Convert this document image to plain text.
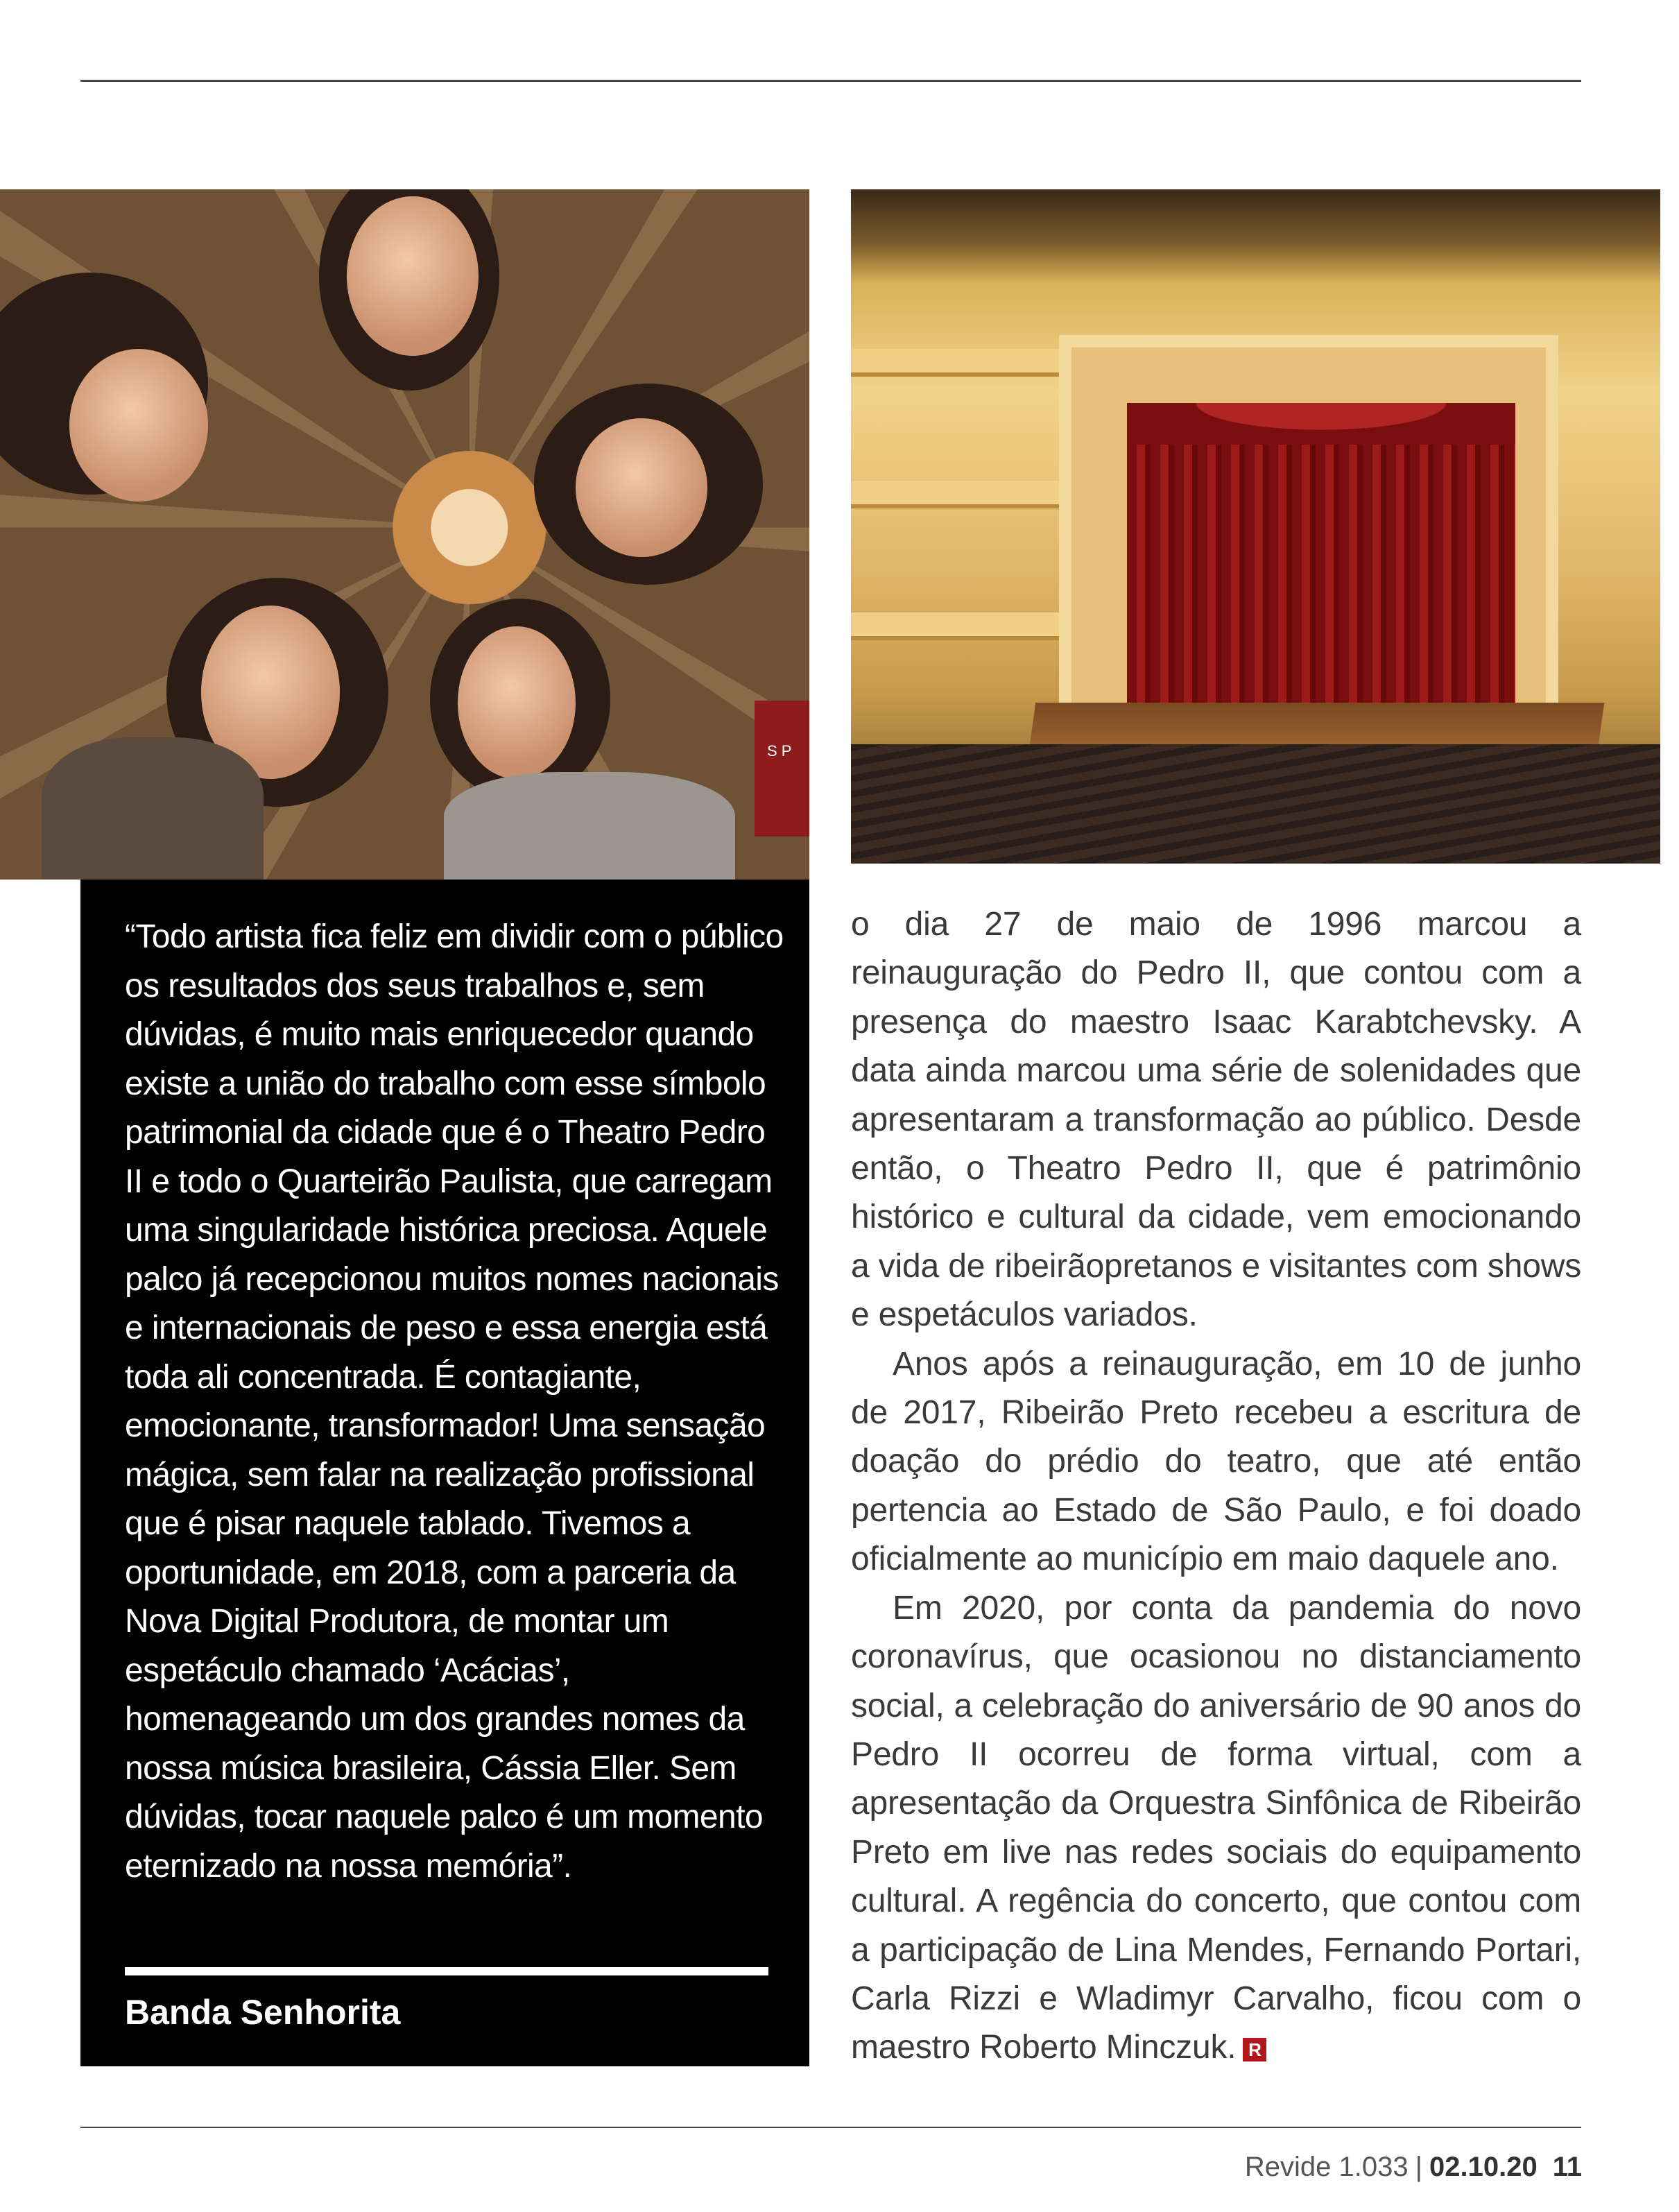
S P

“Todo artista fica feliz em dividir com o público os resultados dos seus trabalhos e, sem dúvidas, é muito mais enriquecedor quando existe a união do trabalho com esse símbolo patrimonial da cidade que é o Theatro Pedro II e todo o Quarteirão Paulista, que carregam uma singularidade histórica preciosa. Aquele palco já recepcionou muitos nomes nacionais e internacionais de peso e essa energia está toda ali concentrada. É contagiante, emocionante, transformador! Uma sensação mágica, sem falar na realização profissional que é pisar naquele tablado. Tivemos a oportunidade, em 2018, com a parceria da Nova Digital Produtora, de montar um espetáculo chamado ‘Acácias’, homenageando um dos grandes nomes da nossa música brasileira, Cássia Eller. Sem dúvidas, tocar naquele palco é um momento eternizado na nossa memória”.

Banda Senhorita

o dia 27 de maio de 1996 marcou a reinauguração do Pedro II, que contou com a presença do maestro Isaac Karabtchevsky. A data ainda marcou uma série de solenidades que apresentaram a transformação ao público. Desde então, o Theatro Pedro II, que é patrimônio histórico e cultural da cidade, vem emocionando a vida de ribeirãopretanos e visitantes com shows e espetáculos variados.

Anos após a reinauguração, em 10 de junho de 2017, Ribeirão Preto recebeu a escritura de doação do prédio do teatro, que até então pertencia ao Estado de São Paulo, e foi doado oficialmente ao município em maio daquele ano.

Em 2020, por conta da pandemia do novo coronavírus, que ocasionou no distanciamento social, a celebração do aniversário de 90 anos do Pedro II ocorreu de forma virtual, com a apresentação da Orquestra Sinfônica de Ribeirão Preto em live nas redes sociais do equipamento cultural. A regência do concerto, que contou com a participação de Lina Mendes, Fernando Portari, Carla Rizzi e Wladimyr Carvalho, ficou com o maestro Roberto Minczuk. R

Revide 1.033 | 02.10.20 11
